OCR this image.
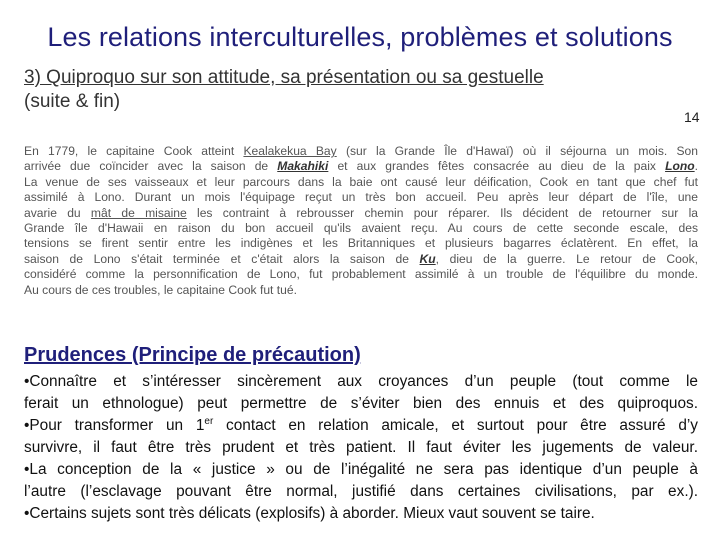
Les relations interculturelles, problèmes et solutions
3) Quiproquo sur son attitude, sa présentation ou sa gestuelle
(suite & fin)
14
En 1779, le capitaine Cook atteint Kealakekua Bay (sur la Grande Île d'Hawaï) où il séjourna un mois. Son
arrivée due coïncider avec la saison de Makahiki et aux grandes fêtes consacrée au dieu de la paix Lono.
La venue de ses vaisseaux et leur parcours dans la baie ont causé leur déification, Cook en tant que chef fut
assimilé à Lono. Durant un mois l'équipage reçut un très bon accueil. Peu après leur départ de l'île, une
avarie du mât de misaine les contraint à rebrousser chemin pour réparer. Ils décident de retourner sur la
Grande île d'Hawaii en raison du bon accueil qu'ils avaient reçu. Au cours de cette seconde escale, des
tensions se firent sentir entre les indigènes et les Britanniques et plusieurs bagarres éclatèrent. En effet, la
saison de Lono s'était terminée et c'était alors la saison de Ku, dieu de la guerre. Le retour de Cook,
considéré comme la personnification de Lono, fut probablement assimilé à un trouble de l'équilibre du monde.
Au cours de ces troubles, le capitaine Cook fut tué.
Prudences (Principe de précaution)
•Connaître et s’intéresser sincèrement aux croyances d’un peuple (tout comme le
ferait un ethnologue) peut permettre de s’éviter bien des ennuis et des quiproquos.
•Pour transformer un 1er contact en relation amicale, et surtout pour être assuré d’y
survivre, il faut être très prudent et très patient. Il faut éviter les jugements de valeur.
•La conception de la « justice » ou de l’inégalité ne sera pas identique d’un peuple à
l’autre (l’esclavage pouvant être normal, justifié dans certaines civilisations, par ex.).
•Certains sujets sont très délicats (explosifs) à aborder. Mieux vaut souvent se taire.
